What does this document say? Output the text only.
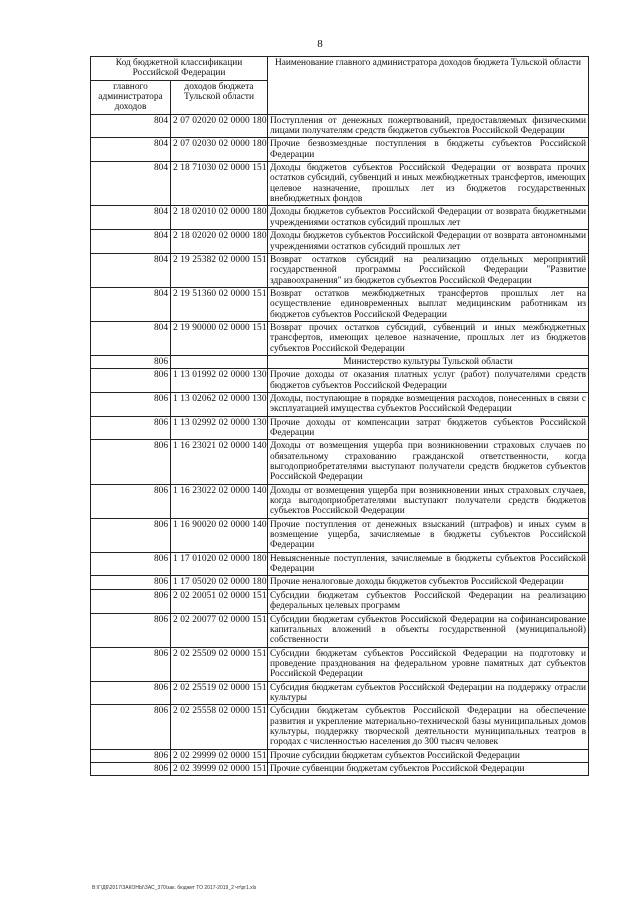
8
Код бюджетной классификации Российской Федерации		Наименование главного администратора доходов бюджета Тульской области
главного администратора доходов	доходов бюджета Тульской области	
804	2 07 02020 02 0000 180	Поступления от денежных пожертвований, предоставляемых физическими лицами получателям средств бюджетов субъектов Российской Федерации
804	2 07 02030 02 0000 180	Прочие безвозмездные поступления в бюджеты субъектов Российской Федерации
804	2 18 71030 02 0000 151	Доходы бюджетов субъектов Российской Федерации от возврата прочих остатков субсидий, субвенций и иных межбюджетных трансфертов, имеющих целевое назначение, прошлых лет из бюджетов государственных внебюджетных фондов
804	2 18 02010 02 0000 180	Доходы бюджетов субъектов Российской Федерации от возврата бюджетными учреждениями остатков субсидий прошлых лет
804	2 18 02020 02 0000 180	Доходы бюджетов субъектов Российской Федерации от возврата автономными учреждениями остатков субсидий прошлых лет
804	2 19 25382 02 0000 151	Возврат остатков субсидий на реализацию отдельных мероприятий государственной программы Российской Федерации "Развитие здравоохранения" из бюджетов субъектов Российской Федерации
804	2 19 51360 02 0000 151	Возврат остатков межбюджетных трансфертов прошлых лет на осуществление единовременных выплат медицинским работникам из бюджетов субъектов Российской Федерации
804	2 19 90000 02 0000 151	Возврат прочих остатков субсидий, субвенций и иных межбюджетных трансфертов, имеющих целевое назначение, прошлых лет из бюджетов субъектов Российской Федерации
806		Министерство культуры Тульской области
806	1 13 01992 02 0000 130	Прочие доходы от оказания платных услуг (работ) получателями средств бюджетов субъектов Российской Федерации
806	1 13 02062 02 0000 130	Доходы, поступающие в порядке возмещения расходов, понесенных в связи с эксплуатацией имущества субъектов Российской Федерации
806	1 13 02992 02 0000 130	Прочие доходы от компенсации затрат бюджетов субъектов Российской Федерации
806	1 16 23021 02 0000 140	Доходы от возмещения ущерба при возникновении страховых случаев по обязательному страхованию гражданской ответственности, когда выгодоприобретателями выступают получатели средств бюджетов субъектов Российской Федерации
806	1 16 23022 02 0000 140	Доходы от возмещения ущерба при возникновении иных страховых случаев, когда выгодоприобретателями выступают получатели средств бюджетов субъектов Российской Федерации
806	1 16 90020 02 0000 140	Прочие поступления от денежных взысканий (штрафов) и иных сумм в возмещение ущерба, зачисляемые в бюджеты субъектов Российской Федерации
806	1 17 01020 02 0000 180	Невыясненные поступления, зачисляемые в бюджеты субъектов Российской Федерации
806	1 17 05020 02 0000 180	Прочие неналоговые доходы бюджетов субъектов Российской Федерации
806	2 02 20051 02 0000 151	Субсидии бюджетам субъектов Российской Федерации на реализацию федеральных целевых программ
806	2 02 20077 02 0000 151	Субсидии бюджетам субъектов Российской Федерации на софинансирование капитальных вложений в объекты государственной (муниципальной) собственности
806	2 02 25509 02 0000 151	Субсидии бюджетам субъектов Российской Федерации на подготовку и проведение празднования на федеральном уровне памятных дат субъектов Российской Федерации
806	2 02 25519 02 0000 151	Субсидия бюджетам субъектов Российской Федерации на поддержку отрасли культуры
806	2 02 25558 02 0000 151	Субсидии бюджетам субъектов Российской Федерации на обеспечение развития и укрепление материально-технической базы муниципальных домов культуры, поддержку творческой деятельности муниципальных театров в городах с численностью населения до 300 тысяч человек
806	2 02 29999 02 0000 151	Прочие субсидии бюджетам субъектов Российской Федерации
806	2 02 39999 02 0000 151	Прочие субвенции бюджетам субъектов Российской Федерации
B:\Г\Д6\2017\ЗАКОНЫ\ЗАС_370\зак. бюджет ТО 2017-2019_2 чт\pr1.xls
